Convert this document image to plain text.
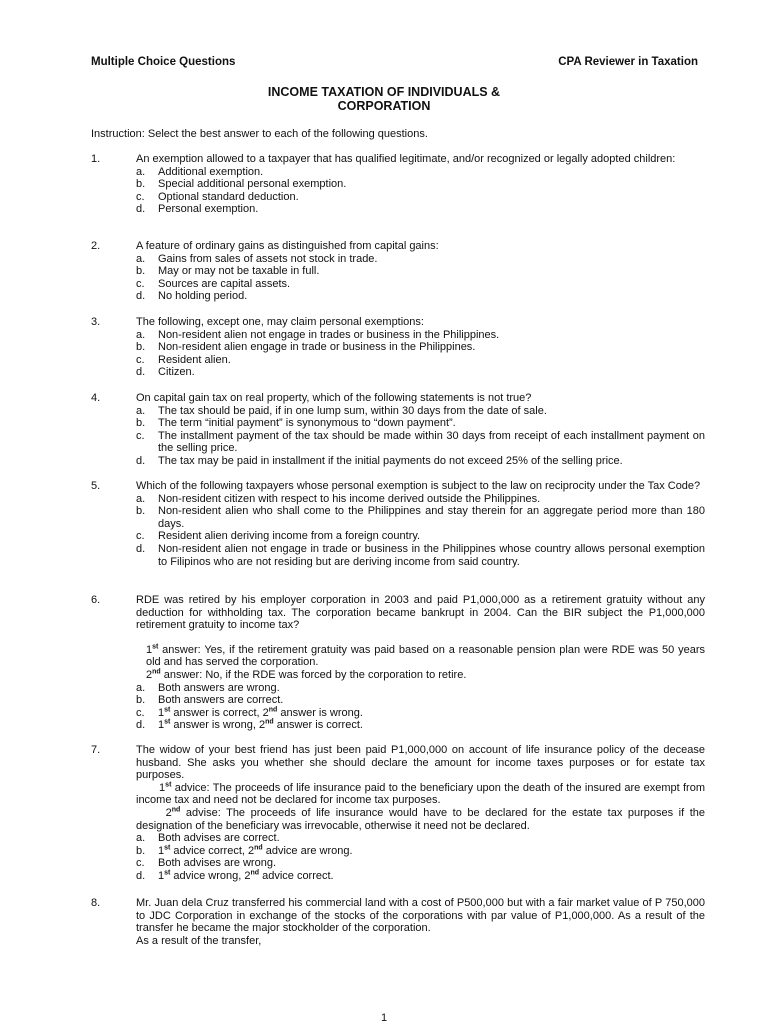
Multiple Choice Questions	CPA Reviewer in Taxation
INCOME TAXATION OF INDIVIDUALS &
CORPORATION
Instruction: Select the best answer to each of the following questions.
1.	An exemption allowed to a taxpayer that has qualified legitimate, and/or recognized or legally adopted children:
a.	Additional exemption.
b.	Special additional personal exemption.
c.	Optional standard deduction.
d.	Personal exemption.
2.	A feature of ordinary gains as distinguished from capital gains:
a.	Gains from sales of assets not stock in trade.
b.	May or may not be taxable in full.
c.	Sources are capital assets.
d.	No holding period.
3.	The following, except one, may claim personal exemptions:
a.	Non-resident alien not engage in trades or business in the Philippines.
b.	Non-resident alien engage in trade or business in the Philippines.
c.	Resident alien.
d.	Citizen.
4.	On capital gain tax on real property, which of the following statements is not true?
a.	The tax should be paid, if in one lump sum, within 30 days from the date of sale.
b.	The term “initial payment” is synonymous to “down payment”.
c.	The installment payment of the tax should be made within 30 days from receipt of each installment payment on the selling price.
d.	The tax may be paid in installment if the initial payments do not exceed 25% of the selling price.
5.	Which of the following taxpayers whose personal exemption is subject to the law on reciprocity under the Tax Code?
a.	Non-resident citizen with respect to his income derived outside the Philippines.
b.	Non-resident alien who shall come to the Philippines and stay therein for an aggregate period more than 180 days.
c.	Resident alien deriving income from a foreign country.
d.	Non-resident alien not engage in trade or business in the Philippines whose country allows personal exemption to Filipinos who are not residing but are deriving income from said country.
6.	RDE was retired by his employer corporation in 2003 and paid P1,000,000 as a retirement gratuity without any deduction for withholding tax. The corporation became bankrupt in 2004. Can the BIR subject the P1,000,000 retirement gratuity to income tax?
1st answer: Yes, if the retirement gratuity was paid based on a reasonable pension plan were RDE was 50 years old and has served the corporation.
2nd answer: No, if the RDE was forced by the corporation to retire.
a.	Both answers are wrong.
b.	Both answers are correct.
c.	1st answer is correct, 2nd answer is wrong.
d.	1st answer is wrong, 2nd answer is correct.
7.	The widow of your best friend has just been paid P1,000,000 on account of life insurance policy of the decease husband. She asks you whether she should declare the amount for income taxes purposes or for estate tax purposes.
1st advice: The proceeds of life insurance paid to the beneficiary upon the death of the insured are exempt from income tax and need not be declared for income tax purposes.
2nd advise: The proceeds of life insurance would have to be declared for the estate tax purposes if the designation of the beneficiary was irrevocable, otherwise it need not be declared.
a.	Both advises are correct.
b.	1st advice correct, 2nd advice are wrong.
c.	Both advises are wrong.
d.	1st advice wrong, 2nd advice correct.
8.	Mr. Juan dela Cruz transferred his commercial land with a cost of P500,000 but with a fair market value of P 750,000 to JDC Corporation in exchange of the stocks of the corporations with par value of P1,000,000. As a result of the transfer he became the major stockholder of the corporation.
As a result of the transfer,
1
